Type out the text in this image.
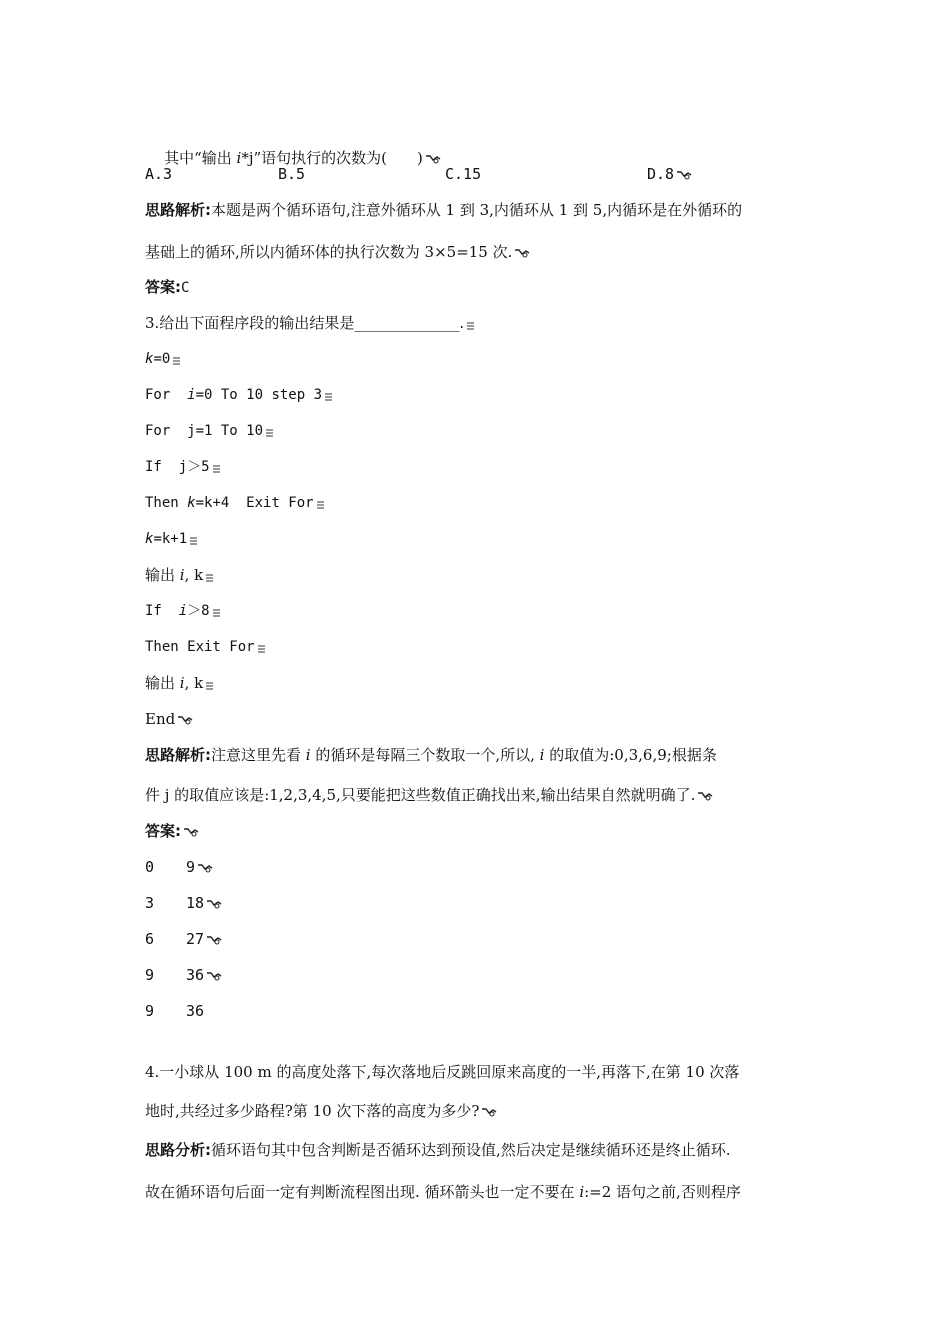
其中“输出 i*j”语句执行的次数为(　　)

A.3	B.5	C.15	D.8
思路解析:本题是两个循环语句,注意外循环从 1 到 3,内循环从 1 到 5,内循环是在外循环的
基础上的循环,所以内循环体的执行次数为 3×5=15 次.
答案:C
3.给出下面程序段的输出结果是______________.
k=0
For  i=0 To 10 step 3
For  j=1 To 10
If  j＞5
Then k=k+4  Exit For
k=k+1
输出 i, k
If  i＞8
Then Exit For
输出 i, k
End
思路解析:注意这里先看 i 的循环是每隔三个数取一个,所以, i 的取值为:0,3,6,9;根据条
件 j 的取值应该是:1,2,3,4,5,只要能把这些数值正确找出来,输出结果自然就明确了.
答案:
0 9
3 18
6 27
9 36
9 36
4.一小球从 100 m 的高度处落下,每次落地后反跳回原来高度的一半,再落下,在第 10 次落
地时,共经过多少路程?第 10 次下落的高度为多少?
思路分析:循环语句其中包含判断是否循环达到预设值,然后决定是继续循环还是终止循环.
故在循环语句后面一定有判断流程图出现. 循环箭头也一定不要在 i:=2 语句之前,否则程序
